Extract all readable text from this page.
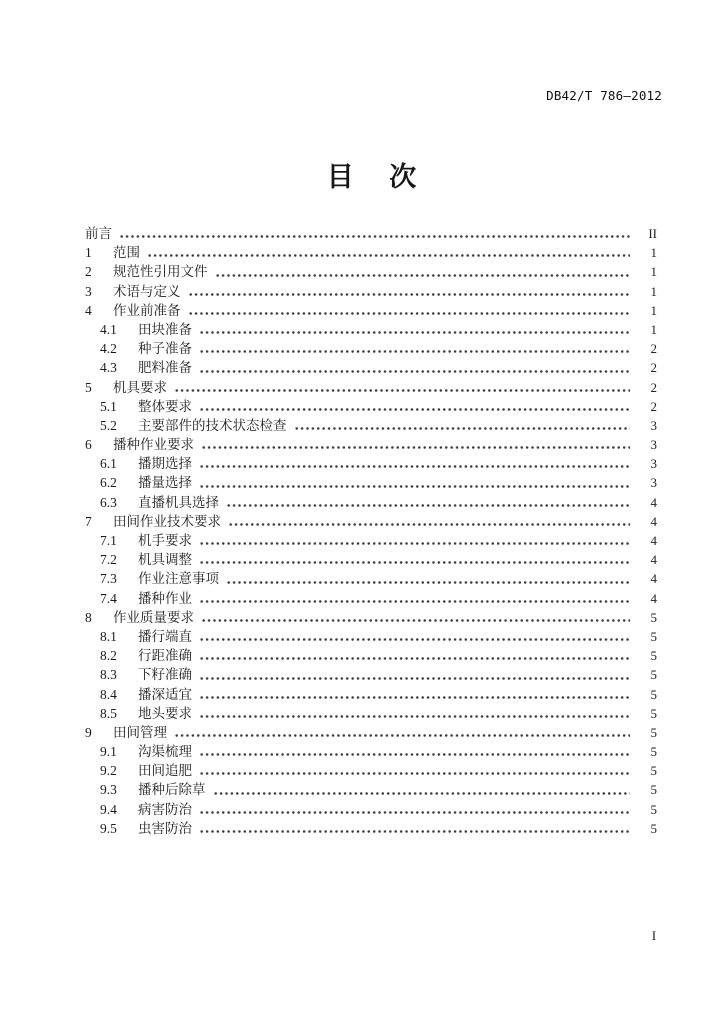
DB42/T 786—2012
目 次
前言	II
1	范围	1
2	规范性引用文件	1
3	术语与定义	1
4	作业前准备	1
4.1	田块准备	1
4.2	种子准备	2
4.3	肥料准备	2
5	机具要求	2
5.1	整体要求	2
5.2	主要部件的技术状态检查	3
6	播种作业要求	3
6.1	播期选择	3
6.2	播量选择	3
6.3	直播机具选择	4
7	田间作业技术要求	4
7.1	机手要求	4
7.2	机具调整	4
7.3	作业注意事项	4
7.4	播种作业	4
8	作业质量要求	5
8.1	播行端直	5
8.2	行距准确	5
8.3	下籽准确	5
8.4	播深适宜	5
8.5	地头要求	5
9	田间管理	5
9.1	沟渠梳理	5
9.2	田间追肥	5
9.3	播种后除草	5
9.4	病害防治	5
9.5	虫害防治	5
I
